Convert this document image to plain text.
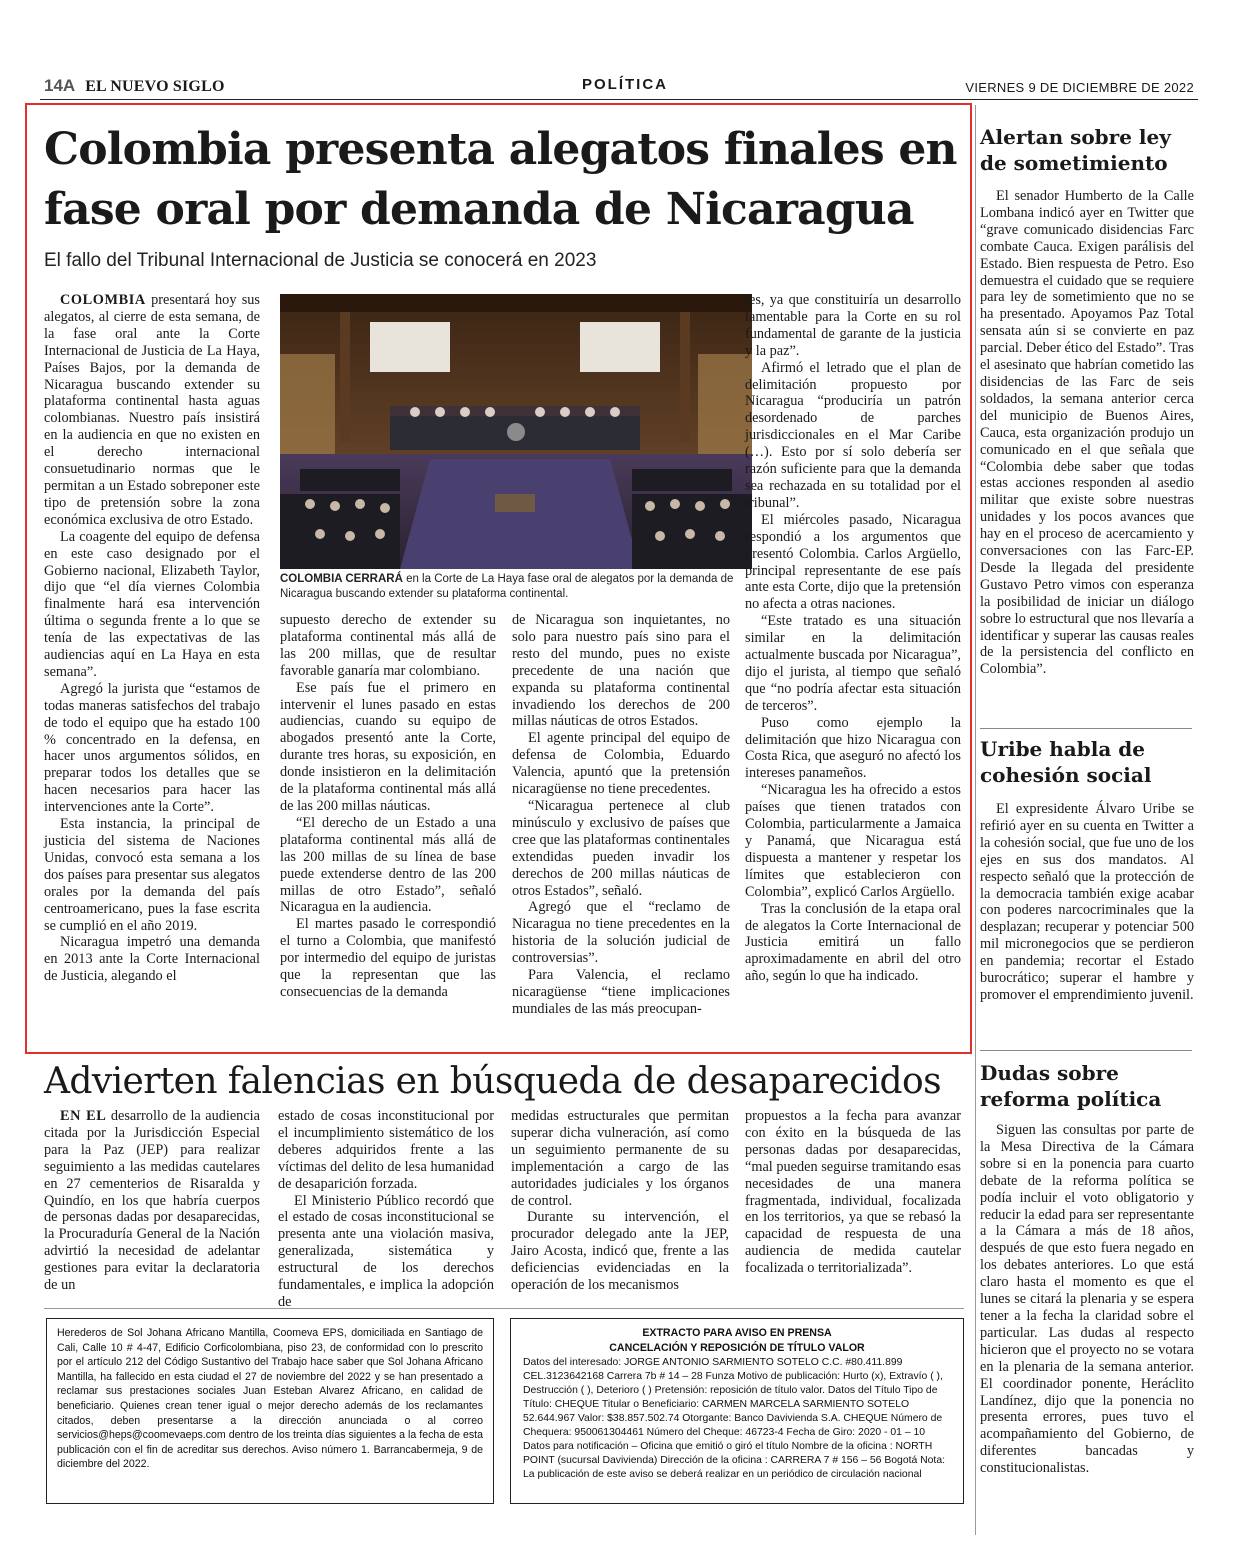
14A EL NUEVO SIGLO	POLÍTICA	VIERNES 9 DE DICIEMBRE DE 2022
Colombia presenta alegatos finales en
fase oral por demanda de Nicaragua
El fallo del Tribunal Internacional de Justicia se conocerá en 2023

COLOMBIA presentará hoy sus alegatos, al cierre de esta semana, de la fase oral ante la Corte Internacional de Justicia de La Haya, Países Bajos, por la demanda de Nicaragua buscando extender su plataforma continental hasta aguas colombianas. Nuestro país insistirá en la audiencia en que no existen en el derecho internacional consuetudinario normas que le permitan a un Estado sobreponer este tipo de pretensión sobre la zona económica exclusiva de otro Estado.

La coagente del equipo de defensa en este caso designado por el Gobierno nacional, Elizabeth Taylor, dijo que “el día viernes Colombia finalmente hará esa intervención última o segunda frente a lo que se tenía de las expectativas de las audiencias aquí en La Haya en esta semana”.

Agregó la jurista que “estamos de todas maneras satisfechos del trabajo de todo el equipo que ha estado 100 % concentrado en la defensa, en hacer unos argumentos sólidos, en preparar todos los detalles que se hacen necesarios para hacer las intervenciones ante la Corte”.

Esta instancia, la principal de justicia del sistema de Naciones Unidas, convocó esta semana a los dos países para presentar sus alegatos orales por la demanda del país centroamericano, pues la fase escrita se cumplió en el año 2019.

Nicaragua impetró una demanda en 2013 ante la Corte Internacional de Justicia, alegando el

COLOMBIA CERRARÁ en la Corte de La Haya fase oral de alegatos por la demanda de Nicaragua buscando extender su plataforma continental.

supuesto derecho de extender su plataforma continental más allá de las 200 millas, que de resultar favorable ganaría mar colombiano.

Ese país fue el primero en intervenir el lunes pasado en estas audiencias, cuando su equipo de abogados presentó ante la Corte, durante tres horas, su exposición, en donde insistieron en la delimitación de la plataforma continental más allá de las 200 millas náuticas.

“El derecho de un Estado a una plataforma continental más allá de las 200 millas de su línea de base puede extenderse dentro de las 200 millas de otro Estado”, señaló Nicaragua en la audiencia.

El martes pasado le correspondió el turno a Colombia, que manifestó por intermedio del equipo de juristas que la representan que las consecuencias de la demanda

de Nicaragua son inquietantes, no solo para nuestro país sino para el resto del mundo, pues no existe precedente de una nación que expanda su plataforma continental invadiendo los derechos de 200 millas náuticas de otros Estados.

El agente principal del equipo de defensa de Colombia, Eduardo Valencia, apuntó que la pretensión nicaragüense no tiene precedentes.

“Nicaragua pertenece al club minúsculo y exclusivo de países que cree que las plataformas continentales extendidas pueden invadir los derechos de 200 millas náuticas de otros Estados”, señaló.

Agregó que el “reclamo de Nicaragua no tiene precedentes en la historia de la solución judicial de controversias”.

Para Valencia, el reclamo nicaragüense “tiene implicaciones mundiales de las más preocupan-

tes, ya que constituiría un desarrollo lamentable para la Corte en su rol fundamental de garante de la justicia y la paz”.

Afirmó el letrado que el plan de delimitación propuesto por Nicaragua “produciría un patrón desordenado de parches jurisdiccionales en el Mar Caribe (…). Esto por sí solo debería ser razón suficiente para que la demanda sea rechazada en su totalidad por el tribunal”.

El miércoles pasado, Nicaragua respondió a los argumentos que presentó Colombia. Carlos Argüello, principal representante de ese país ante esta Corte, dijo que la pretensión no afecta a otras naciones.

“Este tratado es una situación similar en la delimitación actualmente buscada por Nicaragua”, dijo el jurista, al tiempo que señaló que “no podría afectar esta situación de terceros”.

Puso como ejemplo la delimitación que hizo Nicaragua con Costa Rica, que aseguró no afectó los intereses panameños.

“Nicaragua les ha ofrecido a estos países que tienen tratados con Colombia, particularmente a Jamaica y Panamá, que Nicaragua está dispuesta a mantener y respetar los límites que establecieron con Colombia”, explicó Carlos Argüello.

Tras la conclusión de la etapa oral de alegatos la Corte Internacional de Justicia emitirá un fallo aproximadamente en abril del otro año, según lo que ha indicado.

Alertan sobre ley de sometimiento

El senador Humberto de la Calle Lombana indicó ayer en Twitter que “grave comunicado disidencias Farc combate Cauca. Exigen parálisis del Estado. Bien respuesta de Petro. Eso demuestra el cuidado que se requiere para ley de sometimiento que no se ha presentado. Apoyamos Paz Total sensata aún si se convierte en paz parcial. Deber ético del Estado”. Tras el asesinato que habrían cometido las disidencias de las Farc de seis soldados, la semana anterior cerca del municipio de Buenos Aires, Cauca, esta organización produjo un comunicado en el que señala que “Colombia debe saber que todas estas acciones responden al asedio militar que existe sobre nuestras unidades y los pocos avances que hay en el proceso de acercamiento y conversaciones con las Farc-EP. Desde la llegada del presidente Gustavo Petro vimos con esperanza la posibilidad de iniciar un diálogo sobre lo estructural que nos llevaría a identificar y superar las causas reales de la persistencia del conflicto en Colombia”.

Uribe habla de cohesión social

El expresidente Álvaro Uribe se refirió ayer en su cuenta en Twitter a la cohesión social, que fue uno de los ejes en sus dos mandatos. Al respecto señaló que la protección de la democracia también exige acabar con poderes narcocriminales que la desplazan; recuperar y potenciar 500 mil micronegocios que se perdieron en pandemia; recortar el Estado burocrático; superar el hambre y promover el emprendimiento juvenil.

Dudas sobre reforma política

Siguen las consultas por parte de la Mesa Directiva de la Cámara sobre si en la ponencia para cuarto debate de la reforma política se podía incluir el voto obligatorio y reducir la edad para ser representante a la Cámara a más de 18 años, después de que esto fuera negado en los debates anteriores. Lo que está claro hasta el momento es que el lunes se citará la plenaria y se espera tener a la fecha la claridad sobre el particular. Las dudas al respecto hicieron que el proyecto no se votara en la plenaria de la semana anterior. El coordinador ponente, Heráclito Landínez, dijo que la ponencia no presenta errores, pues tuvo el acompañamiento del Gobierno, de diferentes bancadas y constitucionalistas.

Advierten falencias en búsqueda de desaparecidos

EN EL desarrollo de la audiencia citada por la Jurisdicción Especial para la Paz (JEP) para realizar seguimiento a las medidas cautelares en 27 cementerios de Risaralda y Quindío, en los que habría cuerpos de personas dadas por desaparecidas, la Procuraduría General de la Nación advirtió la necesidad de adelantar gestiones para evitar la declaratoria de un

estado de cosas inconstitucional por el incumplimiento sistemático de los deberes adquiridos frente a las víctimas del delito de lesa humanidad de desaparición forzada.

El Ministerio Público recordó que el estado de cosas inconstitucional se presenta ante una violación masiva, generalizada, sistemática y estructural de los derechos fundamentales, e implica la adopción de

medidas estructurales que permitan superar dicha vulneración, así como un seguimiento permanente de su implementación a cargo de las autoridades judiciales y los órganos de control.

Durante su intervención, el procurador delegado ante la JEP, Jairo Acosta, indicó que, frente a las deficiencias evidenciadas en la operación de los mecanismos

propuestos a la fecha para avanzar con éxito en la búsqueda de las personas dadas por desaparecidas, “mal pueden seguirse tramitando esas necesidades de una manera fragmentada, individual, focalizada en los territorios, ya que se rebasó la capacidad de respuesta de una audiencia de medida cautelar focalizada o territorializada”.

Herederos de Sol Johana Africano Mantilla, Coomeva EPS, domiciliada en Santiago de Cali, Calle 10 # 4-47, Edificio Corficolombiana, piso 23, de conformidad con lo prescrito por el artículo 212 del Código Sustantivo del Trabajo hace saber que Sol Johana Africano Mantilla, ha fallecido en esta ciudad el 27 de noviembre del 2022 y se han presentado a reclamar sus prestaciones sociales Juan Esteban Alvarez Africano, en calidad de beneficiario. Quienes crean tener igual o mejor derecho además de los reclamantes citados, deben presentarse a la dirección anunciada o al correo servicios@heps@coomevaeps.com dentro de los treinta días siguientes a la fecha de esta publicación con el fin de acreditar sus derechos. Aviso número 1. Barrancabermeja, 9 de diciembre del 2022.
EXTRACTO PARA AVISO EN PRENSA
CANCELACIÓN Y REPOSICIÓN DE TÍTULO VALOR
Datos del interesado: JORGE ANTONIO SARMIENTO SOTELO C.C. #80.411.899 CEL.3123642168 Carrera 7b # 14 – 28 Funza Motivo de publicación: Hurto (x), Extravío ( ), Destrucción ( ), Deterioro ( ) Pretensión: reposición de título valor. Datos del Título Tipo de Título: CHEQUE Titular o Beneficiario: CARMEN MARCELA SARMIENTO SOTELO 52.644.967 Valor: $38.857.502.74 Otorgante: Banco Davivienda S.A. CHEQUE Número de Chequera: 950061304461 Número del Cheque: 46723-4 Fecha de Giro: 2020 - 01 – 10 Datos para notificación – Oficina que emitió o giró el título Nombre de la oficina : NORTH POINT (sucursal Davivienda) Dirección de la oficina : CARRERA 7 # 156 – 56 Bogotá Nota: La publicación de este aviso se deberá realizar en un periódico de circulación nacional
